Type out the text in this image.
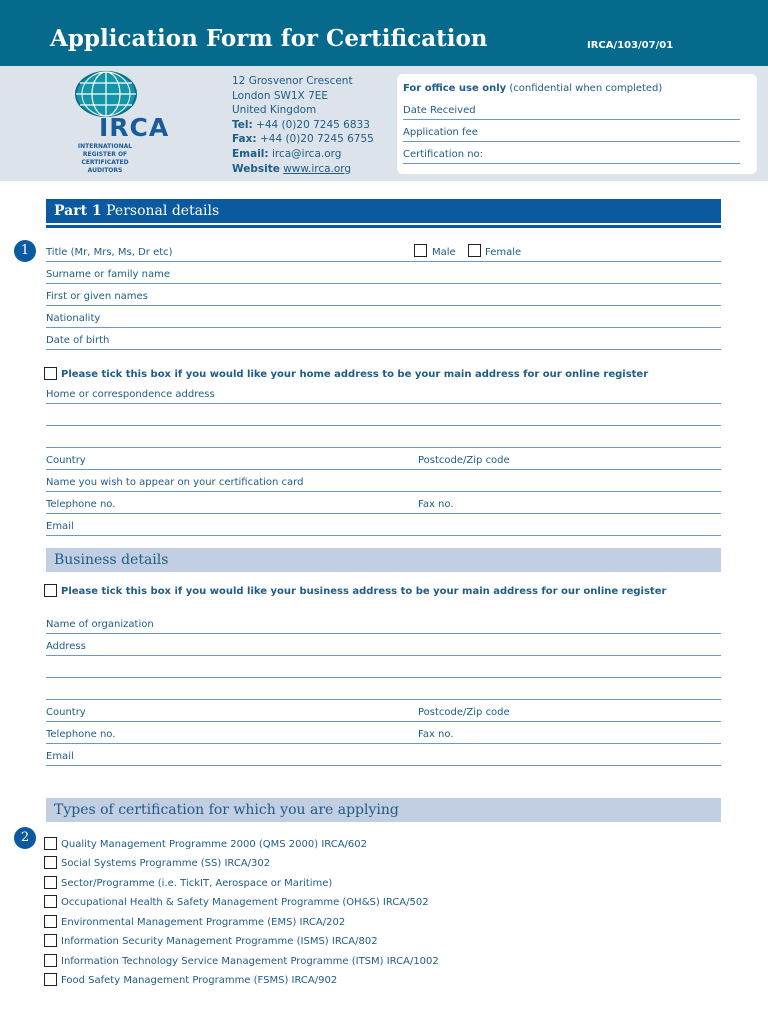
Application Form for Certification	IRCA/103/07/01
IRCA
INTERNATIONAL REGISTER OF CERTIFICATED AUDITORS
12 Grosvenor Crescent
London SW1X 7EE
United Kingdom
Tel: +44 (0)20 7245 6833
Fax: +44 (0)20 7245 6755
Email: irca@irca.org
Website www.irca.org
For office use only (confidential when completed)
Date Received
Application fee
Certification no:
Part 1 Personal details
1	Title (Mr, Mrs, Ms, Dr etc)	Male	Female
Surname or family name
First or given names
Nationality
Date of birth
Please tick this box if you would like your home address to be your main address for our online register
Home or correspondence address
Country	Postcode/Zip code
Name you wish to appear on your certification card
Telephone no.	Fax no.
Email
Business details
Please tick this box if you would like your business address to be your main address for our online register
Name of organization
Address
Country	Postcode/Zip code
Telephone no.	Fax no.
Email
Types of certification for which you are applying
2	Quality Management Programme 2000 (QMS 2000) IRCA/602
Social Systems Programme (SS) IRCA/302
Sector/Programme (i.e. TickIT, Aerospace or Maritime)
Occupational Health & Safety Management Programme (OH&S) IRCA/502
Environmental Management Programme (EMS) IRCA/202
Information Security Management Programme (ISMS) IRCA/802
Information Technology Service Management Programme (ITSM) IRCA/1002
Food Safety Management Programme (FSMS) IRCA/902
